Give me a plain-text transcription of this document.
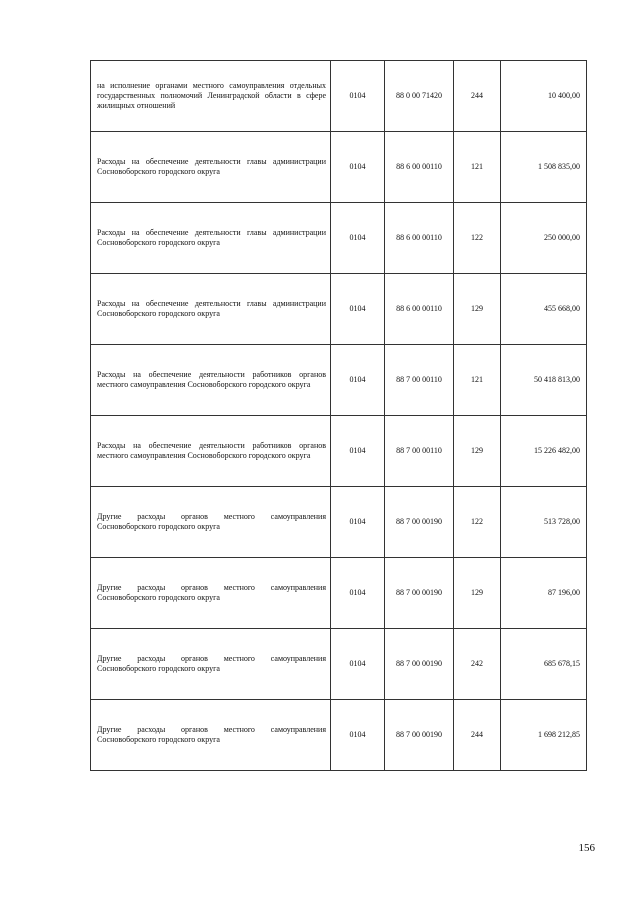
на исполнение органами местного самоуправления отдельных государственных полномочий Ленинградской области в сфере жилищных отношений	0104	88 0 00 71420	244	10 400,00
Расходы на обеспечение деятельности главы администрации Сосновоборского городского округа	0104	88 6 00 00110	121	1 508 835,00
Расходы на обеспечение деятельности главы администрации Сосновоборского городского округа	0104	88 6 00 00110	122	250 000,00
Расходы на обеспечение деятельности главы администрации Сосновоборского городского округа	0104	88 6 00 00110	129	455 668,00
Расходы на обеспечение деятельности работников органов местного самоуправления Сосновоборского городского округа	0104	88 7 00 00110	121	50 418 813,00
Расходы на обеспечение деятельности работников органов местного самоуправления Сосновоборского городского округа	0104	88 7 00 00110	129	15 226 482,00
Другие расходы органов местного самоуправления Сосновоборского городского округа	0104	88 7 00 00190	122	513 728,00
Другие расходы органов местного самоуправления Сосновоборского городского округа	0104	88 7 00 00190	129	87 196,00
Другие расходы органов местного самоуправления Сосновоборского городского округа	0104	88 7 00 00190	242	685 678,15
Другие расходы органов местного самоуправления Сосновоборского городского округа	0104	88 7 00 00190	244	1 698 212,85
156
